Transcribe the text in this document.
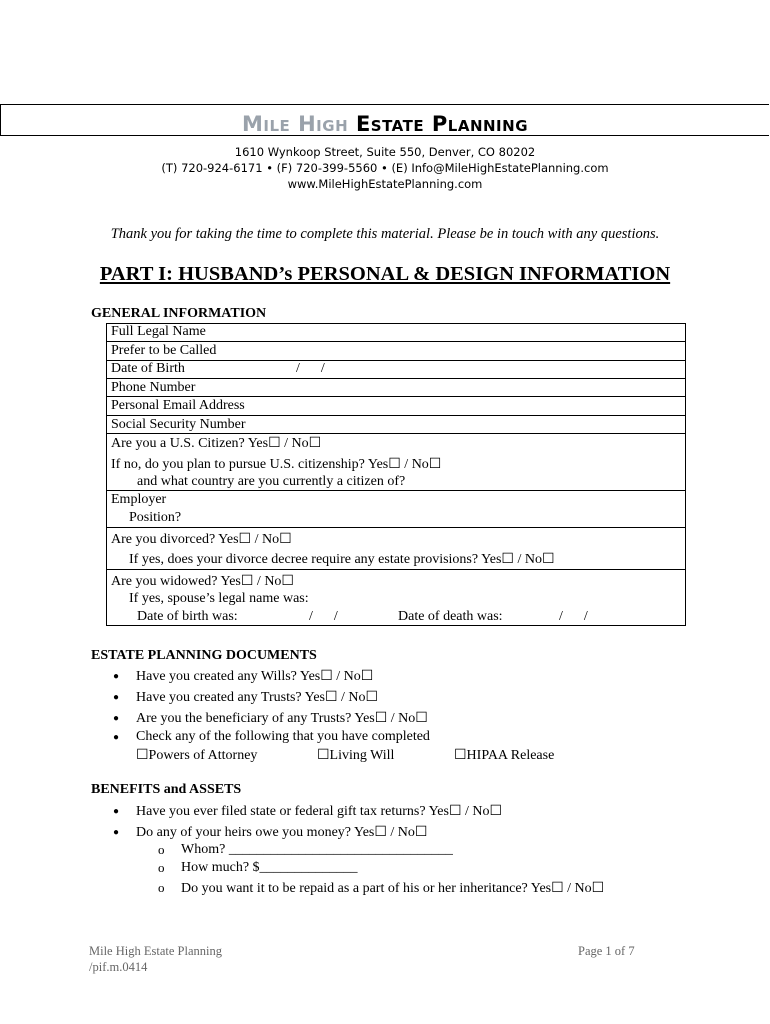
Mile High Estate Planning
1610 Wynkoop Street, Suite 550, Denver, CO 80202
(T) 720-924-6171 • (F) 720-399-5560 • (E) Info@MileHighEstatePlanning.com
www.MileHighEstatePlanning.com
Thank you for taking the time to complete this material. Please be in touch with any questions.
PART I: HUSBAND’s PERSONAL & DESIGN INFORMATION
GENERAL INFORMATION
Full Legal Name
Prefer to be Called
Date of Birth	/      /
Phone Number
Personal Email Address
Social Security Number
Are you a U.S. Citizen? Yes☐ / No☐
If no, do you plan to pursue U.S. citizenship? Yes☐ / No☐
and what country are you currently a citizen of?
Employer
Position?
Are you divorced? Yes☐ / No☐
If yes, does your divorce decree require any estate provisions? Yes☐ / No☐
Are you widowed? Yes☐ / No☐
If yes, spouse’s legal name was:
Date of birth was:	/      /	Date of death was:	/      /
ESTATE PLANNING DOCUMENTS
● Have you created any Wills? Yes☐ / No☐
● Have you created any Trusts? Yes☐ / No☐
● Are you the beneficiary of any Trusts? Yes☐ / No☐
● Check any of the following that you have completed
☐Powers of Attorney	☐Living Will	☐HIPAA Release
BENEFITS and ASSETS
● Have you ever filed state or federal gift tax returns? Yes☐ / No☐
● Do any of your heirs owe you money? Yes☐ / No☐
o Whom? ________________________________
o How much? $______________
o Do you want it to be repaid as a part of his or her inheritance? Yes☐ / No☐
Mile High Estate Planning
/pif.m.0414
Page 1 of 7
